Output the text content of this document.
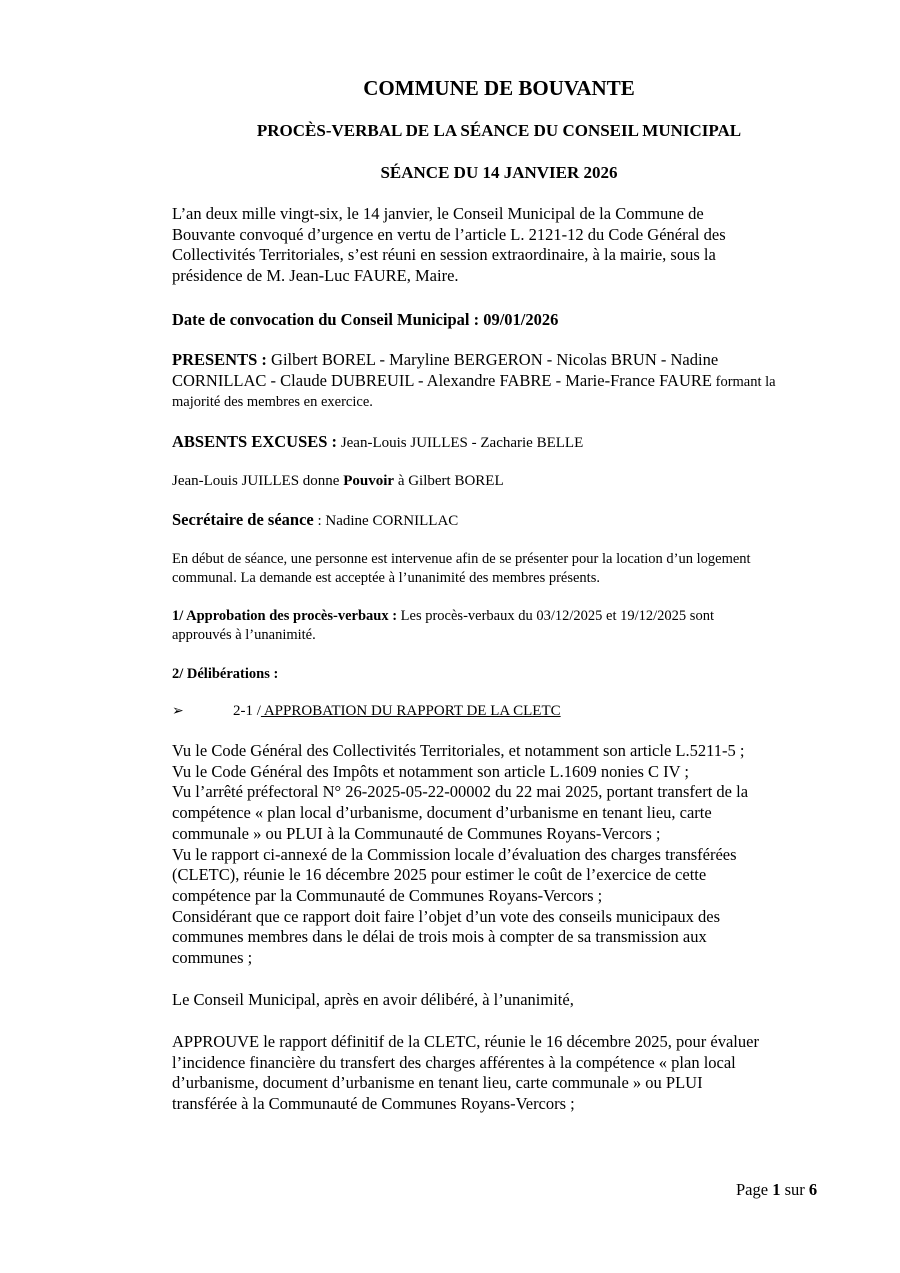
COMMUNE DE BOUVANTE
PROCÈS-VERBAL DE LA SÉANCE DU CONSEIL MUNICIPAL
SÉANCE DU 14 JANVIER 2026
L’an deux mille vingt-six, le 14 janvier, le Conseil Municipal de la Commune de
Bouvante convoqué d’urgence en vertu de l’article L. 2121-12 du Code Général des
Collectivités Territoriales, s’est réuni en session extraordinaire, à la mairie, sous la
présidence de M. Jean-Luc FAURE, Maire.
Date de convocation du Conseil Municipal : 09/01/2026
PRESENTS : Gilbert BOREL - Maryline BERGERON - Nicolas BRUN - Nadine
CORNILLAC - Claude DUBREUIL - Alexandre FABRE - Marie-France FAURE formant la
majorité des membres en exercice.
ABSENTS EXCUSES : Jean-Louis JUILLES - Zacharie BELLE
Jean-Louis JUILLES donne Pouvoir à Gilbert BOREL
Secrétaire de séance : Nadine CORNILLAC
En début de séance, une personne est intervenue afin de se présenter pour la location d’un logement
communal. La demande est acceptée à l’unanimité des membres présents.
1/ Approbation des procès-verbaux : Les procès-verbaux du 03/12/2025 et 19/12/2025 sont
approuvés à l’unanimité.
2/ Délibérations :
➢	2-1 / APPROBATION DU RAPPORT DE LA CLETC
Vu le Code Général des Collectivités Territoriales, et notamment son article L.5211-5 ;
Vu le Code Général des Impôts et notamment son article L.1609 nonies C IV ;
Vu l’arrêté préfectoral N° 26-2025-05-22-00002 du 22 mai 2025, portant transfert de la
compétence « plan local d’urbanisme, document d’urbanisme en tenant lieu, carte
communale » ou PLUI à la Communauté de Communes Royans-Vercors ;
Vu le rapport ci-annexé de la Commission locale d’évaluation des charges transférées
(CLETC), réunie le 16 décembre 2025 pour estimer le coût de l’exercice de cette
compétence par la Communauté de Communes Royans-Vercors ;
Considérant que ce rapport doit faire l’objet d’un vote des conseils municipaux des
communes membres dans le délai de trois mois à compter de sa transmission aux
communes ;
Le Conseil Municipal, après en avoir délibéré, à l’unanimité,
APPROUVE le rapport définitif de la CLETC, réunie le 16 décembre 2025, pour évaluer
l’incidence financière du transfert des charges afférentes à la compétence « plan local
d’urbanisme, document d’urbanisme en tenant lieu, carte communale » ou PLUI
transférée à la Communauté de Communes Royans-Vercors ;
Page 1 sur 6
